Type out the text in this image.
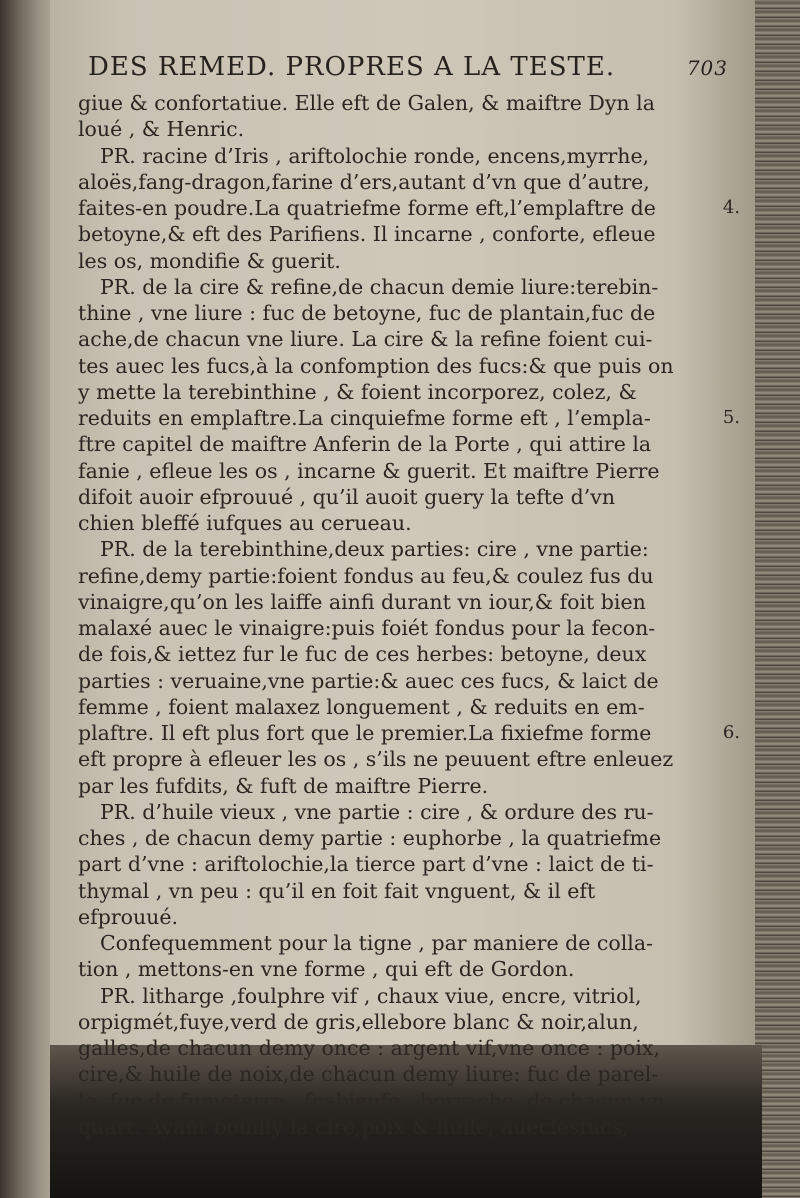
DES REMED. PROPRES A LA TESTE.	703
giue & confortatiue. Elle eft de Galen, & maiftre Dyn la
loué , & Henric.
PR. racine d’Iris , ariftolochie ronde, encens,myrrhe,
aloës,fang-dragon,farine d’ers,autant d’vn que d’autre,
faites-en poudre.La quatriefme forme eft,l’emplaftre de	4.
betoyne,& eft des Parifiens. Il incarne , conforte, efleue
les os, mondifie & guerit.
PR. de la cire & refine,de chacun demie liure:terebin-
thine , vne liure : fuc de betoyne, fuc de plantain,fuc de
ache,de chacun vne liure. La cire & la refine foient cui-
tes auec les fucs,à la confomption des fucs:& que puis on
y mette la terebinthine , & foient incorporez, colez, &
reduits en emplaftre.La cinquiefme forme eft , l’empla-	5.
ftre capitel de maiftre Anferin de la Porte , qui attire la
fanie , efleue les os , incarne & guerit. Et maiftre Pierre
difoit auoir efprouué , qu’il auoit guery la tefte d’vn
chien bleffé iufques au cerueau.
PR. de la terebinthine,deux parties: cire , vne partie:
refine,demy partie:foient fondus au feu,& coulez fus du
vinaigre,qu’on les laiffe ainfi durant vn iour,& foit bien
malaxé auec le vinaigre:puis foiét fondus pour la fecon-
de fois,& iettez fur le fuc de ces herbes: betoyne, deux
parties : veruaine,vne partie:& auec ces fucs, & laict de
femme , foient malaxez longuement , & reduits en em-
plaftre. Il eft plus fort que le premier.La fixiefme forme	6.
eft propre à efleuer les os , s’ils ne peuuent eftre enleuez
par les fufdits, & fuft de maiftre Pierre.
PR. d’huile vieux , vne partie : cire , & ordure des ru-
ches , de chacun demy partie : euphorbe , la quatriefme
part d’vne : ariftolochie,la tierce part d’vne : laict de ti-
thymal , vn peu : qu’il en foit fait vnguent, & il eft
efprouué.
Confequemment pour la tigne , par maniere de colla-
tion , mettons-en vne forme , qui eft de Gordon.
PR. litharge ,foulphre vif , chaux viue, encre, vitriol,
orpigmét,fuye,verd de gris,ellebore blanc & noir,alun,
galles,de chacun demy once : argent vif,vne once : poix,
cire,& huile de noix,de chacun demy liure: fuc de parel-
le, fuc de fumeterre , fcabieufe , borrache, de chacun vn
quart. Ayant boüilly la cire,poix & huile, aueclesfucs,
